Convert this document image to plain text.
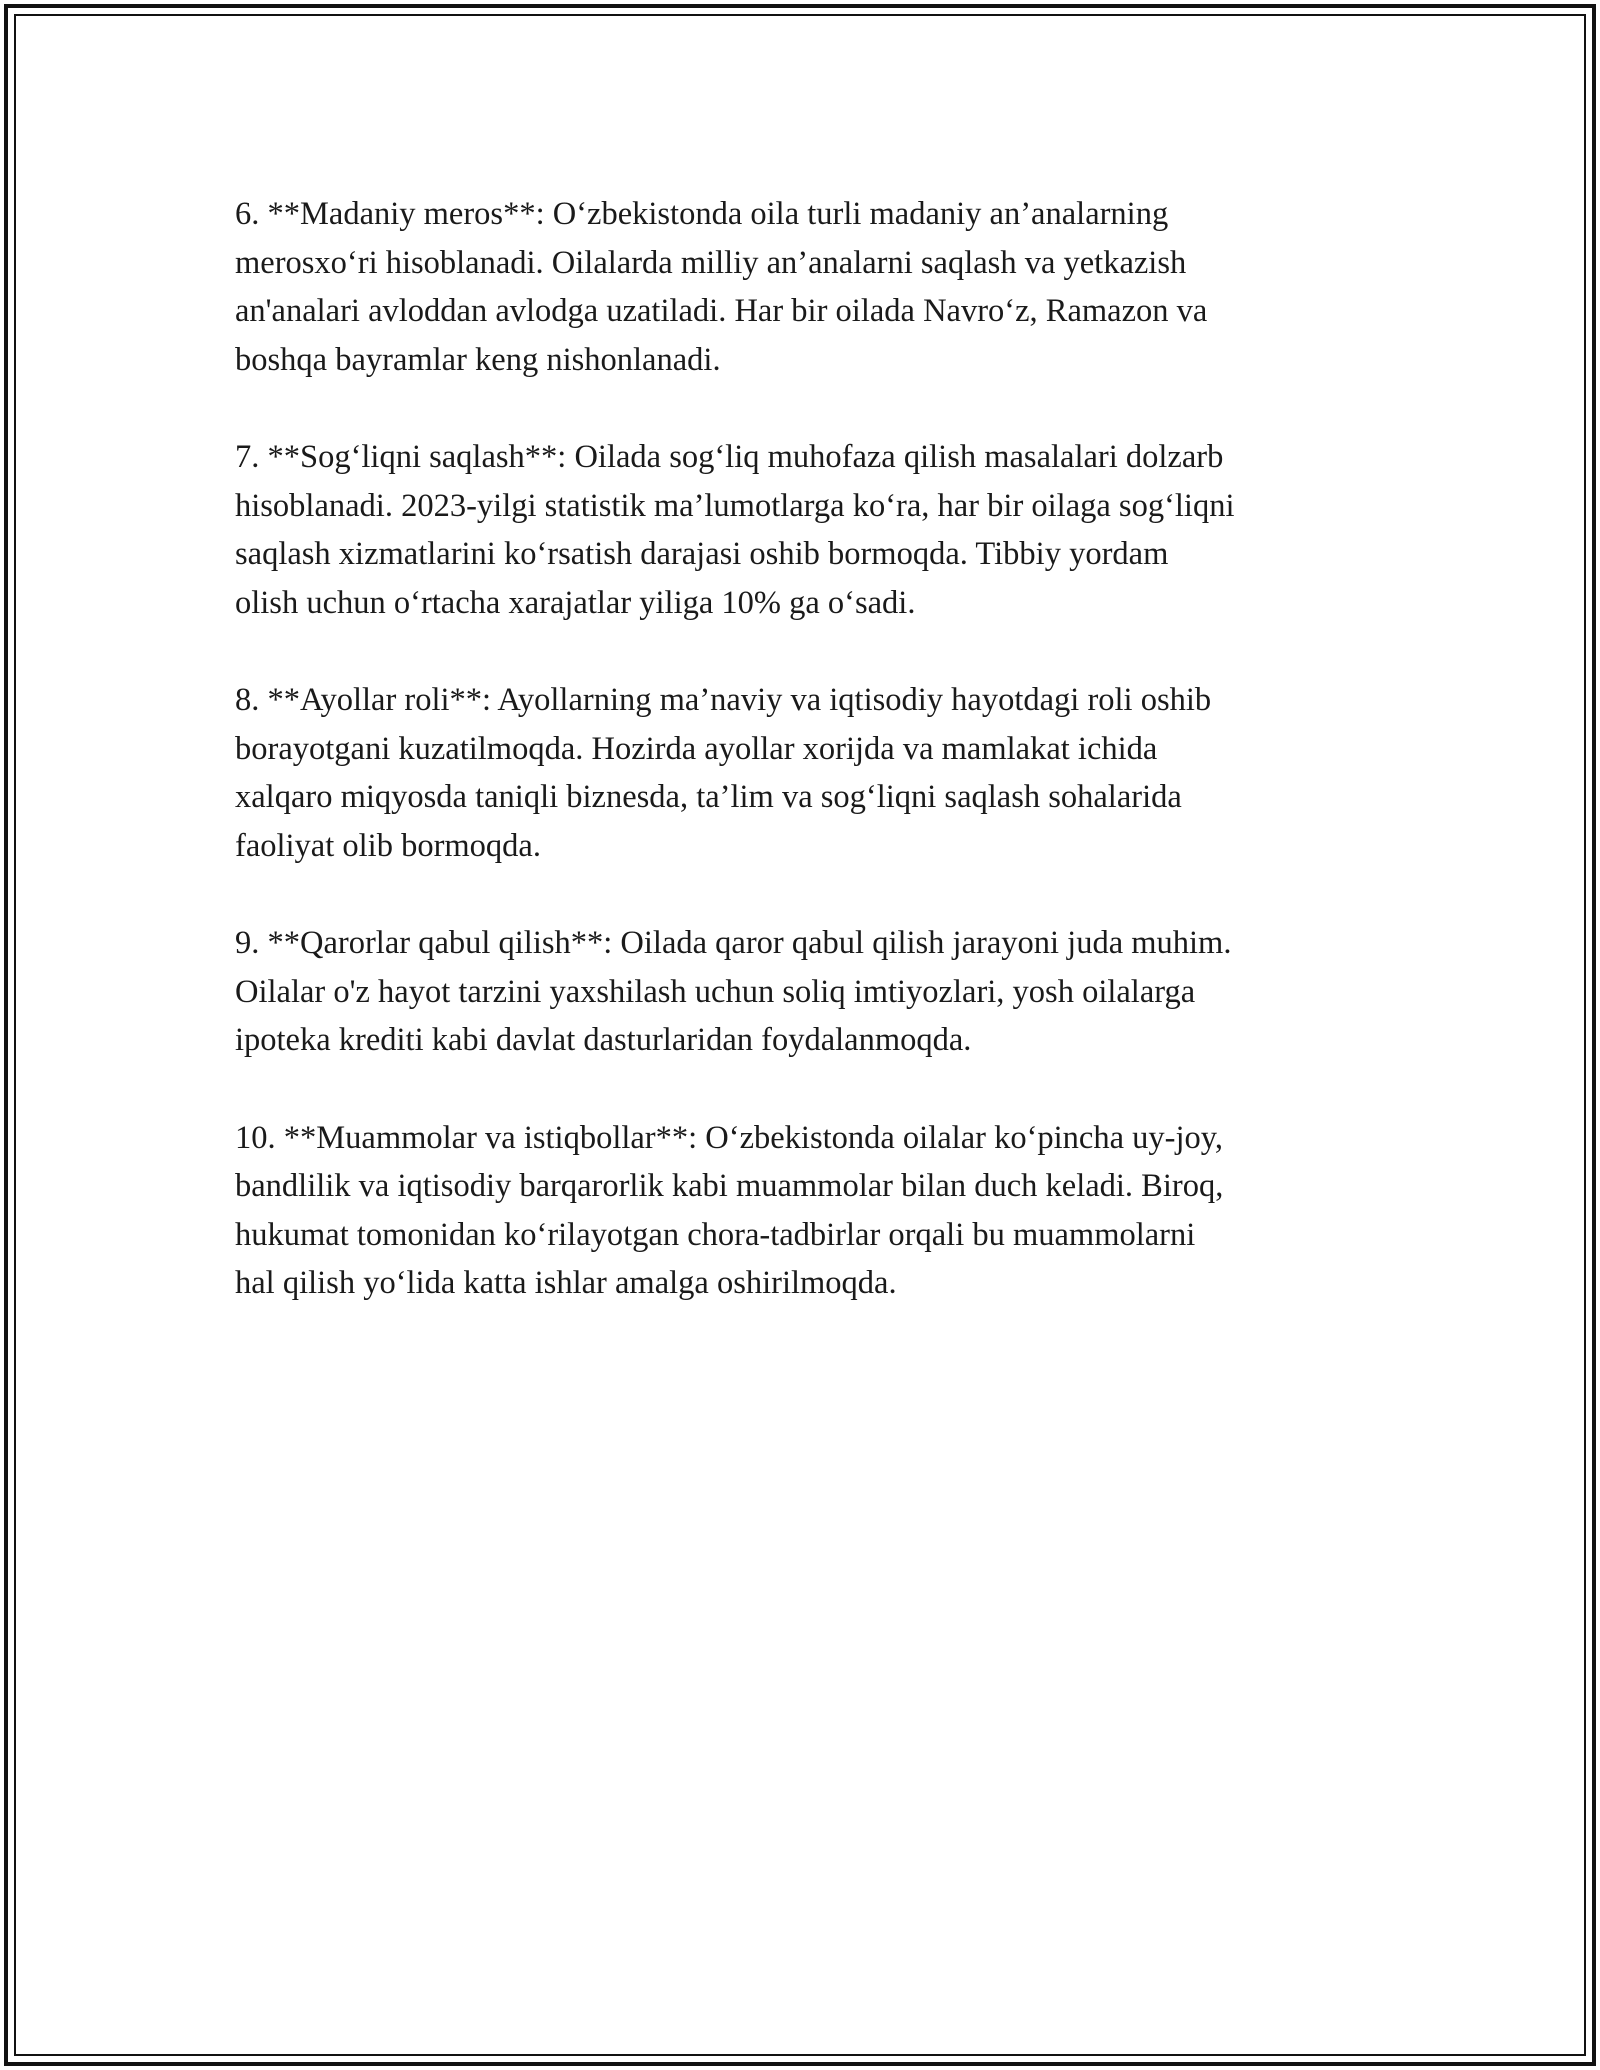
6. **Madaniy meros**: O‘zbekistonda oila turli madaniy an’analarning
merosxo‘ri hisoblanadi. Oilalarda milliy an’analarni saqlash va yetkazish
an'analari avloddan avlodga uzatiladi. Har bir oilada Navro‘z, Ramazon va
boshqa bayramlar keng nishonlanadi.
7. **Sog‘liqni saqlash**: Oilada sog‘liq muhofaza qilish masalalari dolzarb
hisoblanadi. 2023-yilgi statistik ma’lumotlarga ko‘ra, har bir oilaga sog‘liqni
saqlash xizmatlarini ko‘rsatish darajasi oshib bormoqda. Tibbiy yordam
olish uchun o‘rtacha xarajatlar yiliga 10% ga o‘sadi.
8. **Ayollar roli**: Ayollarning ma’naviy va iqtisodiy hayotdagi roli oshib
borayotgani kuzatilmoqda. Hozirda ayollar xorijda va mamlakat ichida
xalqaro miqyosda taniqli biznesda, ta’lim va sog‘liqni saqlash sohalarida
faoliyat olib bormoqda.
9. **Qarorlar qabul qilish**: Oilada qaror qabul qilish jarayoni juda muhim.
Oilalar o'z hayot tarzini yaxshilash uchun soliq imtiyozlari, yosh oilalarga
ipoteka krediti kabi davlat dasturlaridan foydalanmoqda.
10. **Muammolar va istiqbollar**: O‘zbekistonda oilalar ko‘pincha uy-joy,
bandlilik va iqtisodiy barqarorlik kabi muammolar bilan duch keladi. Biroq,
hukumat tomonidan ko‘rilayotgan chora-tadbirlar orqali bu muammolarni
hal qilish yo‘lida katta ishlar amalga oshirilmoqda.
